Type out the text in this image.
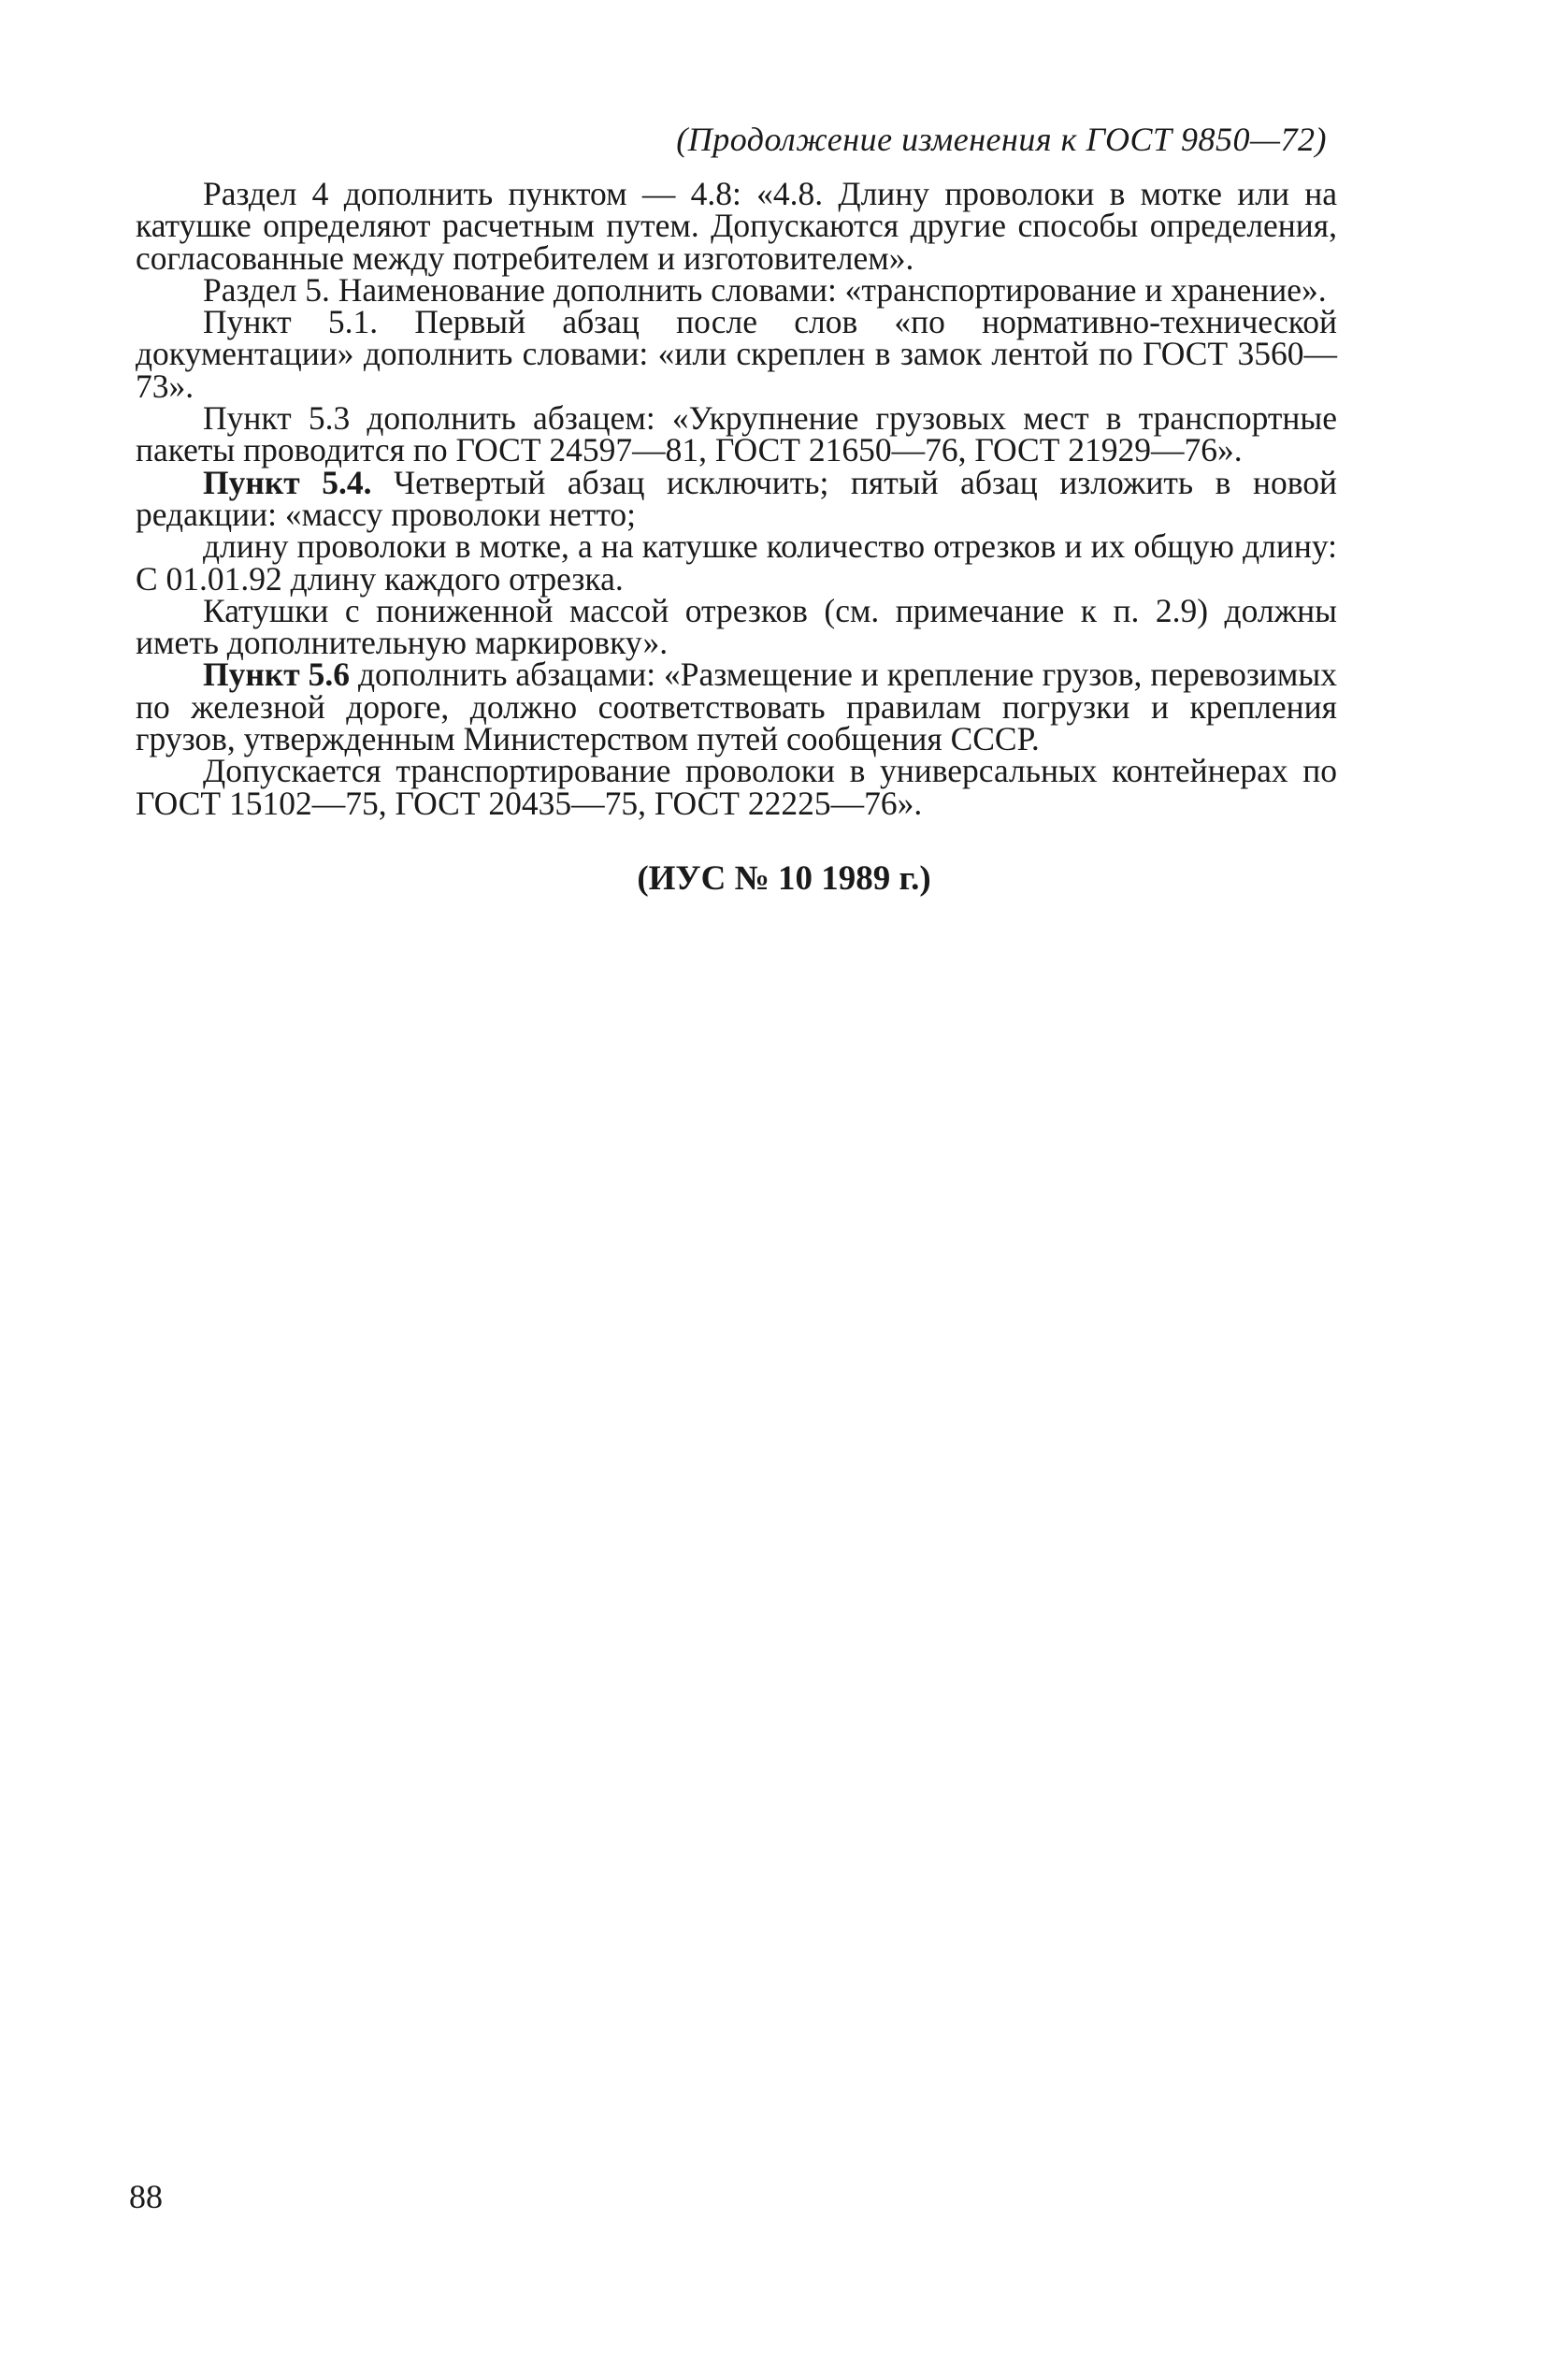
(Продолжение изменения к ГОСТ 9850—72)

Раздел 4 дополнить пунктом — 4.8: «4.8. Длину проволоки в мотке или на катушке определяют расчетным путем. Допускаются другие способы определения, согласованные между потребителем и изготовителем».

Раздел 5. Наименование дополнить словами: «транспортирование и хранение».

Пункт 5.1. Первый абзац после слов «по нормативно-технической документации» дополнить словами: «или скреплен в замок лентой по ГОСТ 3560—73».

Пункт 5.3 дополнить абзацем: «Укрупнение грузовых мест в транспортные пакеты проводится по ГОСТ 24597—81, ГОСТ 21650—76, ГОСТ 21929—76».

Пункт 5.4. Четвертый абзац исключить; пятый абзац изложить в новой редакции: «массу проволоки нетто;

длину проволоки в мотке, а на катушке количество отрезков и их общую длину: С 01.01.92 длину каждого отрезка.

Катушки с пониженной массой отрезков (см. примечание к п. 2.9) должны иметь дополнительную маркировку».

Пункт 5.6 дополнить абзацами: «Размещение и крепление грузов, перевозимых по железной дороге, должно соответствовать правилам погрузки и крепления грузов, утвержденным Министерством путей сообщения СССР.

Допускается транспортирование проволоки в универсальных контейнерах по ГОСТ 15102—75, ГОСТ 20435—75, ГОСТ 22225—76».

(ИУС № 10 1989 г.)

88
